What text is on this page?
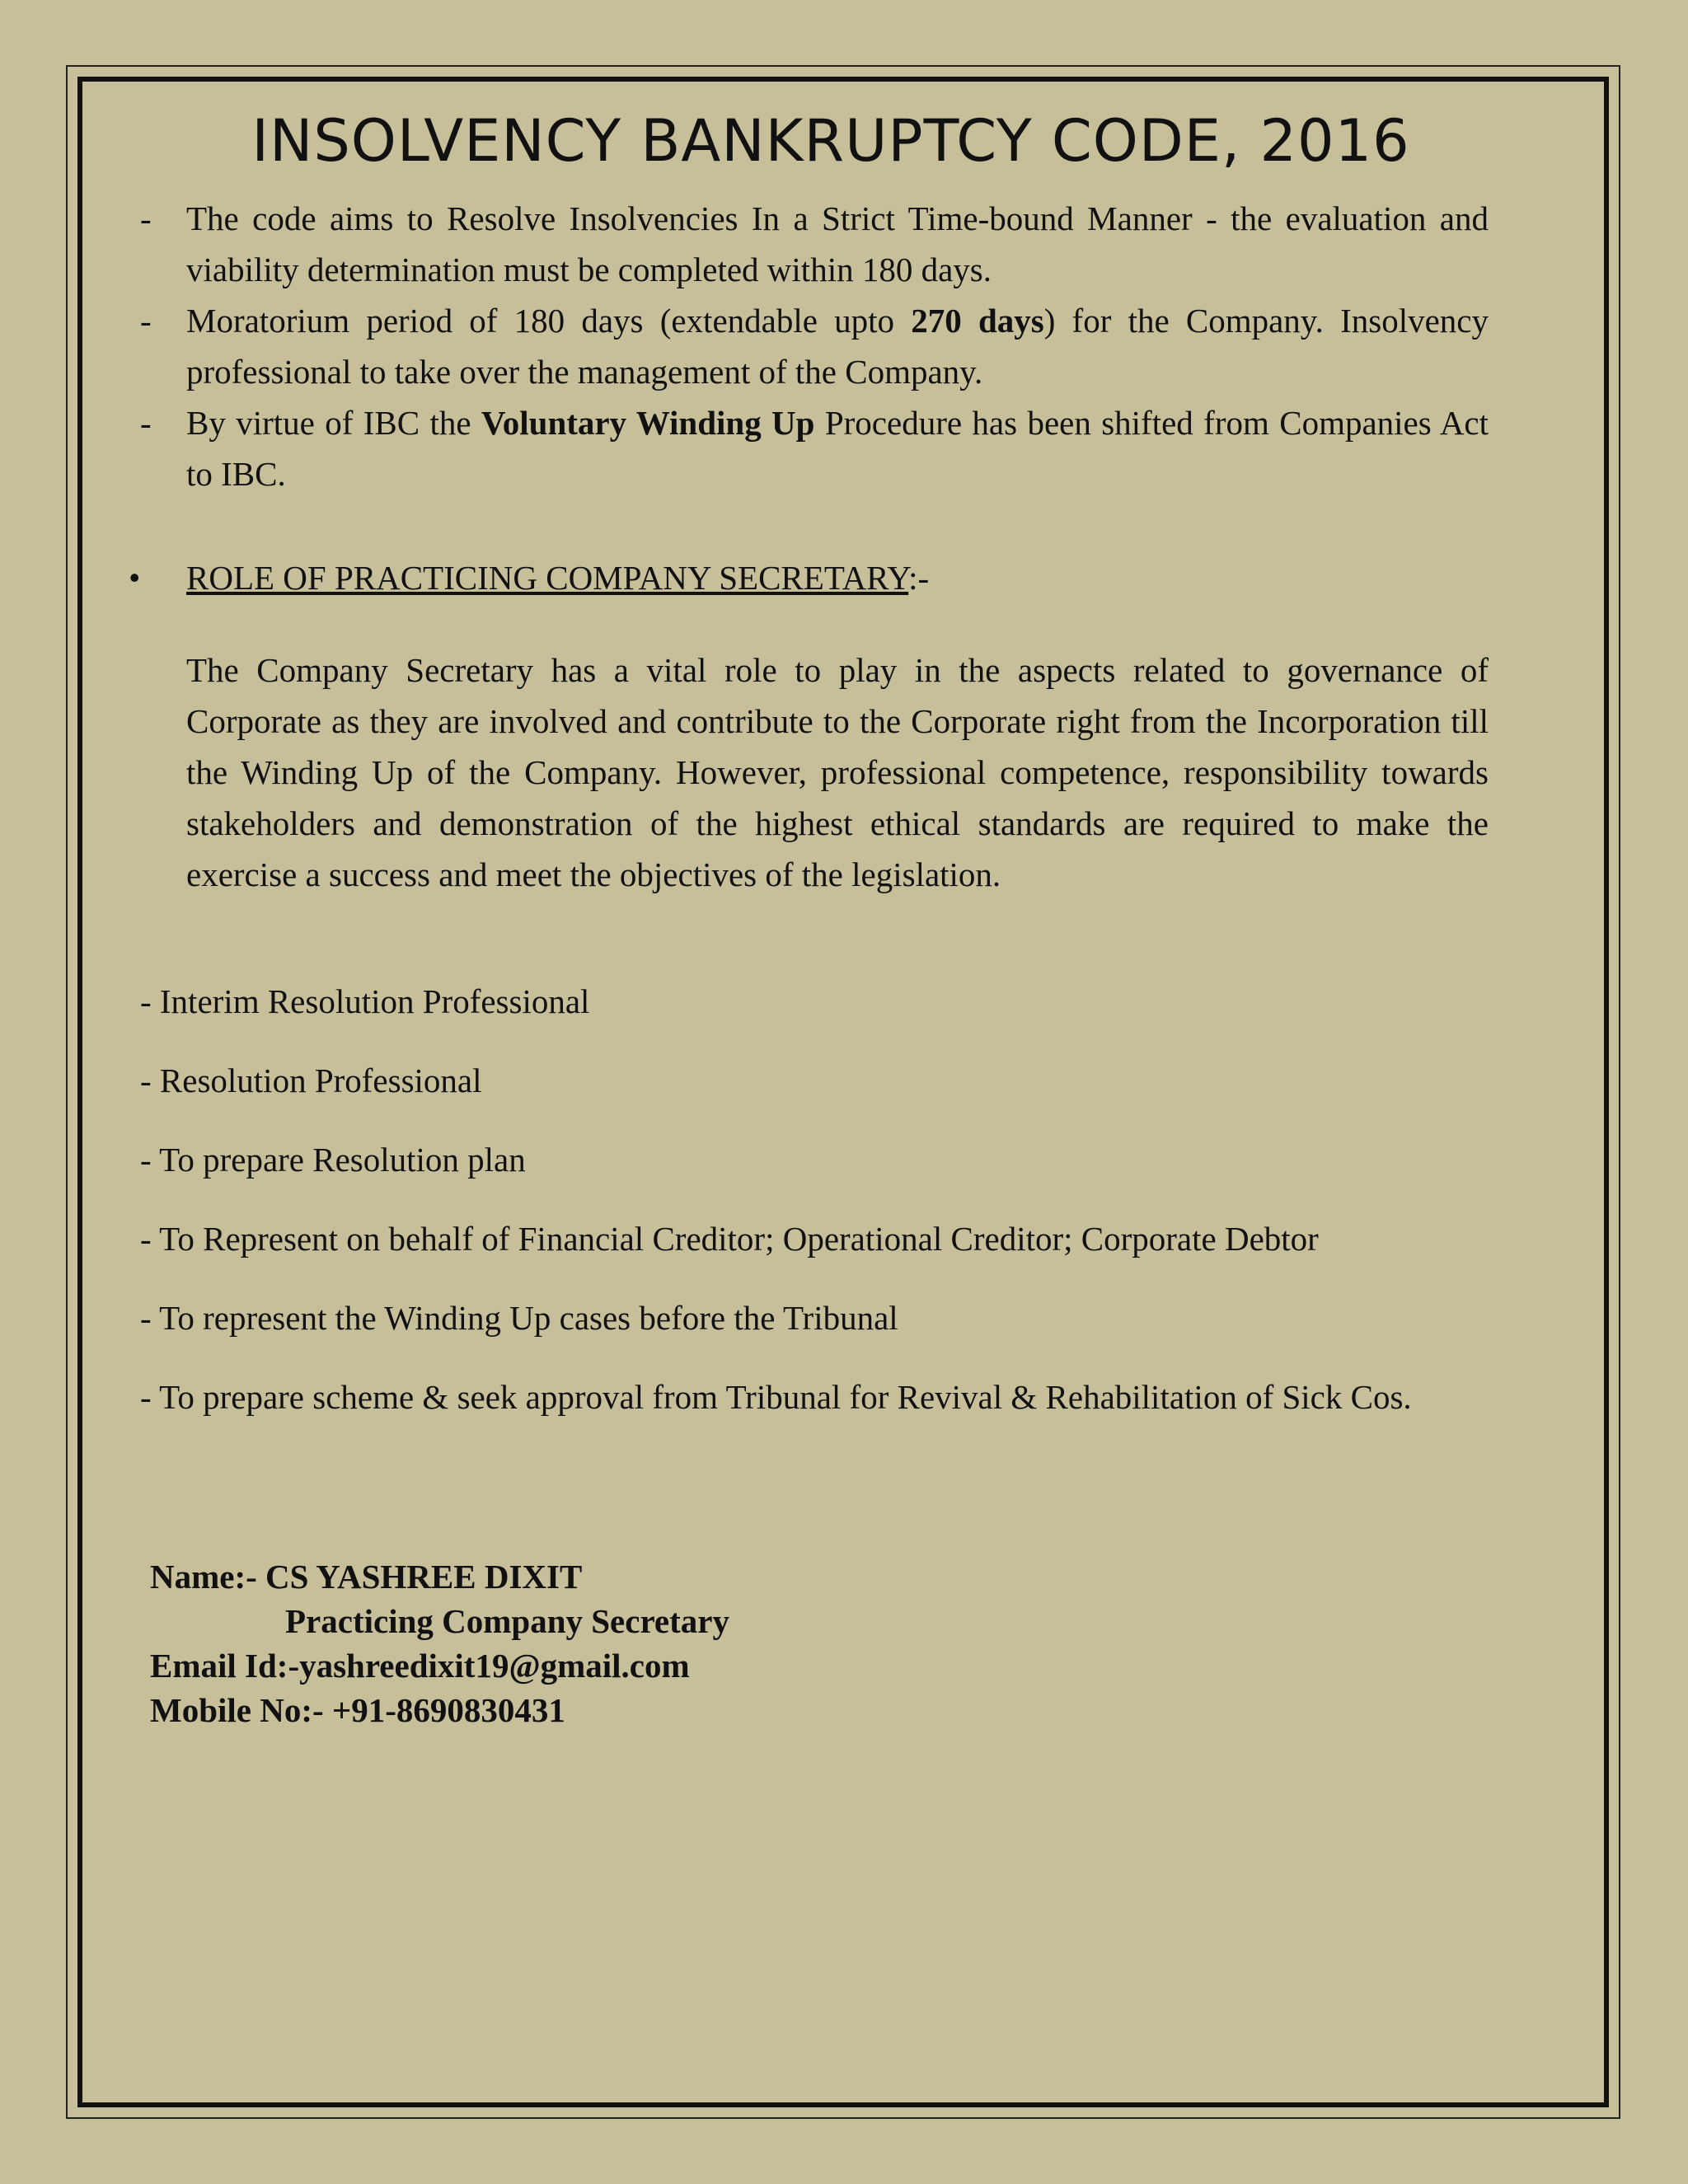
INSOLVENCY BANKRUPTCY CODE, 2016
- The code aims to Resolve Insolvencies In a Strict Time-bound Manner - the evaluation and viability determination must be completed within 180 days.
- Moratorium period of 180 days (extendable upto 270 days) for the Company. Insolvency professional to take over the management of the Company.
- By virtue of IBC the Voluntary Winding Up Procedure has been shifted from Companies Act to IBC.
• ROLE OF PRACTICING COMPANY SECRETARY:-

The Company Secretary has a vital role to play in the aspects related to governance of Corporate as they are involved and contribute to the Corporate right from the Incorporation till the Winding Up of the Company. However, professional competence, responsibility towards stakeholders and demonstration of the highest ethical standards are required to make the exercise a success and meet the objectives of the legislation.

- Interim Resolution Professional

- Resolution Professional

- To prepare Resolution plan

- To Represent on behalf of Financial Creditor; Operational Creditor; Corporate Debtor

- To represent the Winding Up cases before the Tribunal

- To prepare scheme & seek approval from Tribunal for Revival & Rehabilitation of Sick Cos.

Name:- CS YASHREE DIXIT
Practicing Company Secretary
Email Id:-yashreedixit19@gmail.com
Mobile No:- +91-8690830431
